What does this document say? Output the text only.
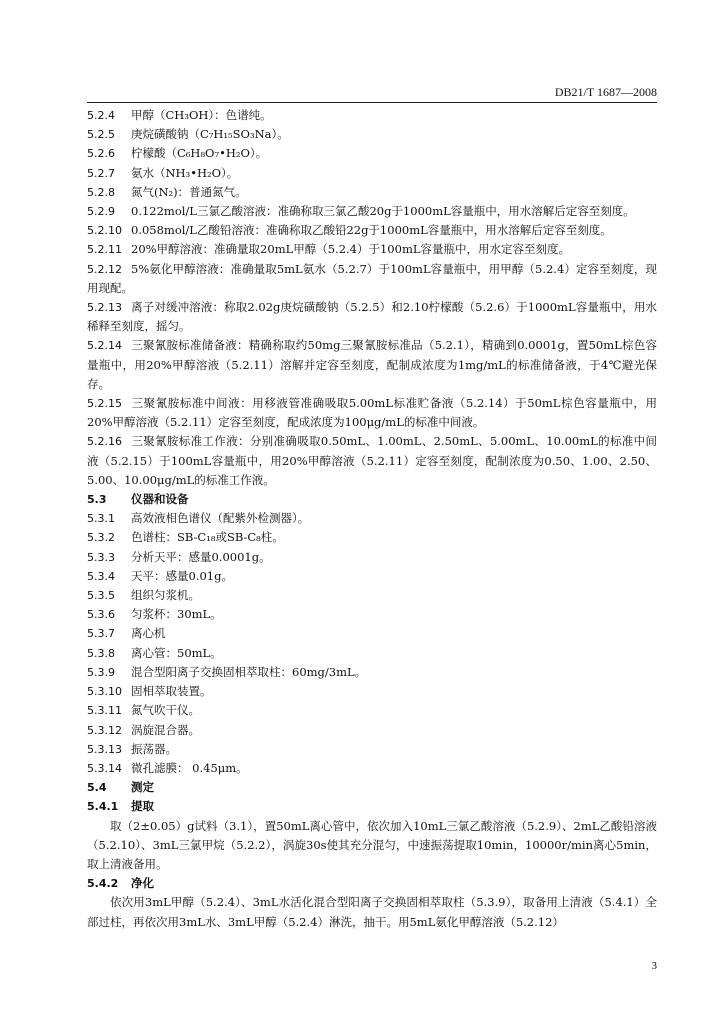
DB21/T 1687—2008

5.2.4 甲醇（CH₃OH）：色谱纯。

5.2.5 庚烷磺酸钠（C₇H₁₅SO₃Na）。

5.2.6 柠檬酸（C₆H₈O₇•H₂O）。

5.2.7 氨水（NH₃•H₂O）。

5.2.8 氮气(N₂)：普通氮气。

5.2.9 0.122mol/L三氯乙酸溶液：准确称取三氯乙酸20g于1000mL容量瓶中，用水溶解后定容至刻度。

5.2.10 0.058mol/L乙酸铅溶液：准确称取乙酸铅22g于1000mL容量瓶中，用水溶解后定容至刻度。

5.2.11 20%甲醇溶液：准确量取20mL甲醇（5.2.4）于100mL容量瓶中，用水定容至刻度。

5.2.12 5%氨化甲醇溶液：准确量取5mL氨水（5.2.7）于100mL容量瓶中，用甲醇（5.2.4）定容至刻度，现用现配。

5.2.13 离子对缓冲溶液：称取2.02g庚烷磺酸钠（5.2.5）和2.10柠檬酸（5.2.6）于1000mL容量瓶中，用水稀释至刻度，摇匀。

5.2.14 三聚氰胺标准储备液：精确称取约50mg三聚氰胺标准品（5.2.1），精确到0.0001g，置50mL棕色容量瓶中，用20%甲醇溶液（5.2.11）溶解并定容至刻度，配制成浓度为1mg/mL的标准储备液，于4℃避光保存。

5.2.15 三聚氰胺标准中间液：用移液管准确吸取5.00mL标准贮备液（5.2.14）于50mL棕色容量瓶中，用20%甲醇溶液（5.2.11）定容至刻度，配成浓度为100μg/mL的标准中间液。

5.2.16 三聚氰胺标准工作液：分别准确吸取0.50mL、1.00mL、2.50mL、5.00mL、10.00mL的标准中间液（5.2.15）于100mL容量瓶中，用20%甲醇溶液（5.2.11）定容至刻度，配制浓度为0.50、1.00、2.50、5.00、10.00μg/mL的标准工作液。

5.3 仪器和设备

5.3.1 高效液相色谱仪（配紫外检测器）。

5.3.2 色谱柱：SB-C₁₈或SB-C₈柱。

5.3.3 分析天平：感量0.0001g。

5.3.4 天平：感量0.01g。

5.3.5 组织匀浆机。

5.3.6 匀浆杯：30mL。

5.3.7 离心机

5.3.8 离心管：50mL。

5.3.9 混合型阳离子交换固相萃取柱：60mg/3mL。

5.3.10 固相萃取装置。

5.3.11 氮气吹干仪。

5.3.12 涡旋混合器。

5.3.13 振荡器。

5.3.14 微孔滤膜： 0.45μm。

5.4 测定

5.4.1 提取

取（2±0.05）g试料（3.1），置50mL离心管中，依次加入10mL三氯乙酸溶液（5.2.9）、2mL乙酸铅溶液（5.2.10）、3mL三氯甲烷（5.2.2），涡旋30s使其充分混匀，中速振荡提取10min，10000r/min离心5min，取上清液备用。

5.4.2 净化

依次用3mL甲醇（5.2.4）、3mL水活化混合型阳离子交换固相萃取柱（5.3.9），取备用上清液（5.4.1）全部过柱，再依次用3mL水、3mL甲醇（5.2.4）淋洗，抽干。用5mL氨化甲醇溶液（5.2.12）

3
